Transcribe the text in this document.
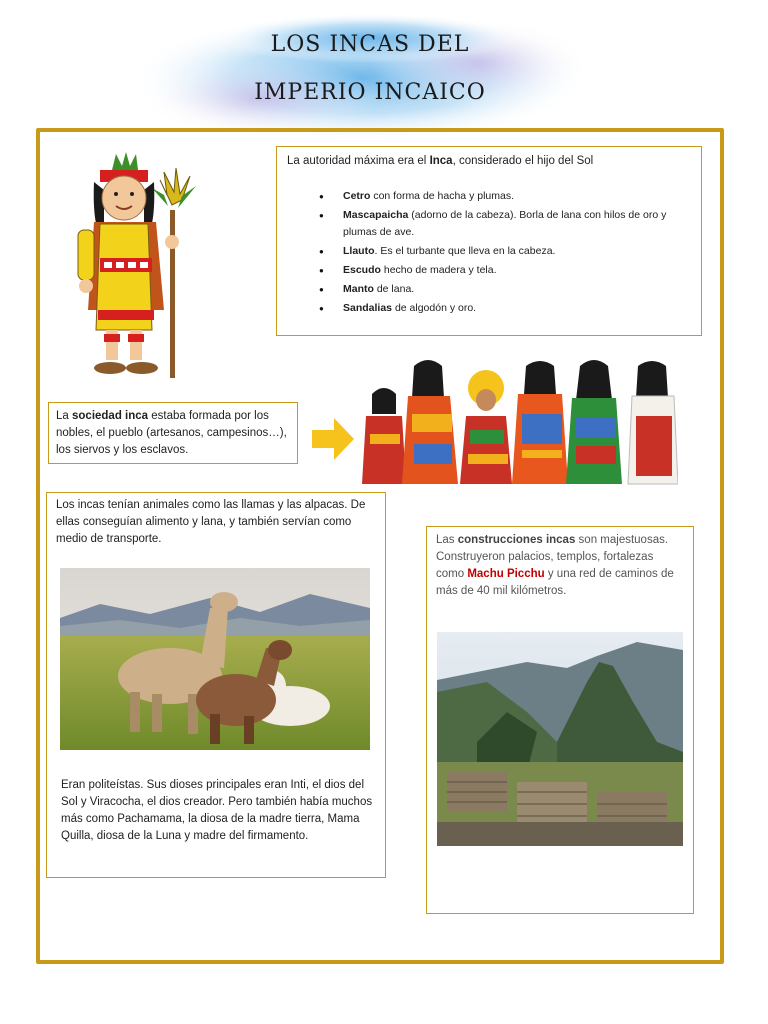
LOS INCAS DEL
IMPERIO INCAICO
La autoridad máxima era el Inca, considerado el hijo del Sol
● Cetro con forma de hacha y plumas.
● Mascapaicha (adorno de la cabeza). Borla de lana con hilos de oro y plumas de ave.
● Llauto. Es el turbante que lleva en la cabeza.
● Escudo hecho de madera y tela.
● Manto de lana.
● Sandalias de algodón y oro.
La sociedad inca estaba formada por los nobles, el pueblo (artesanos, campesinos…), los siervos y los esclavos.
Los incas tenían animales como las llamas y las alpacas. De ellas conseguían alimento y lana, y también servían como medio de transporte.
Eran politeístas. Sus dioses principales eran Inti, el dios del Sol y Viracocha, el dios creador. Pero también había muchos más como Pachamama, la diosa de la madre tierra, Mama Quilla, diosa de la Luna y madre del firmamento.
Las construcciones incas son majestuosas. Construyeron palacios, templos, fortalezas como Machu Picchu y una red de caminos de más de 40 mil kilómetros.
